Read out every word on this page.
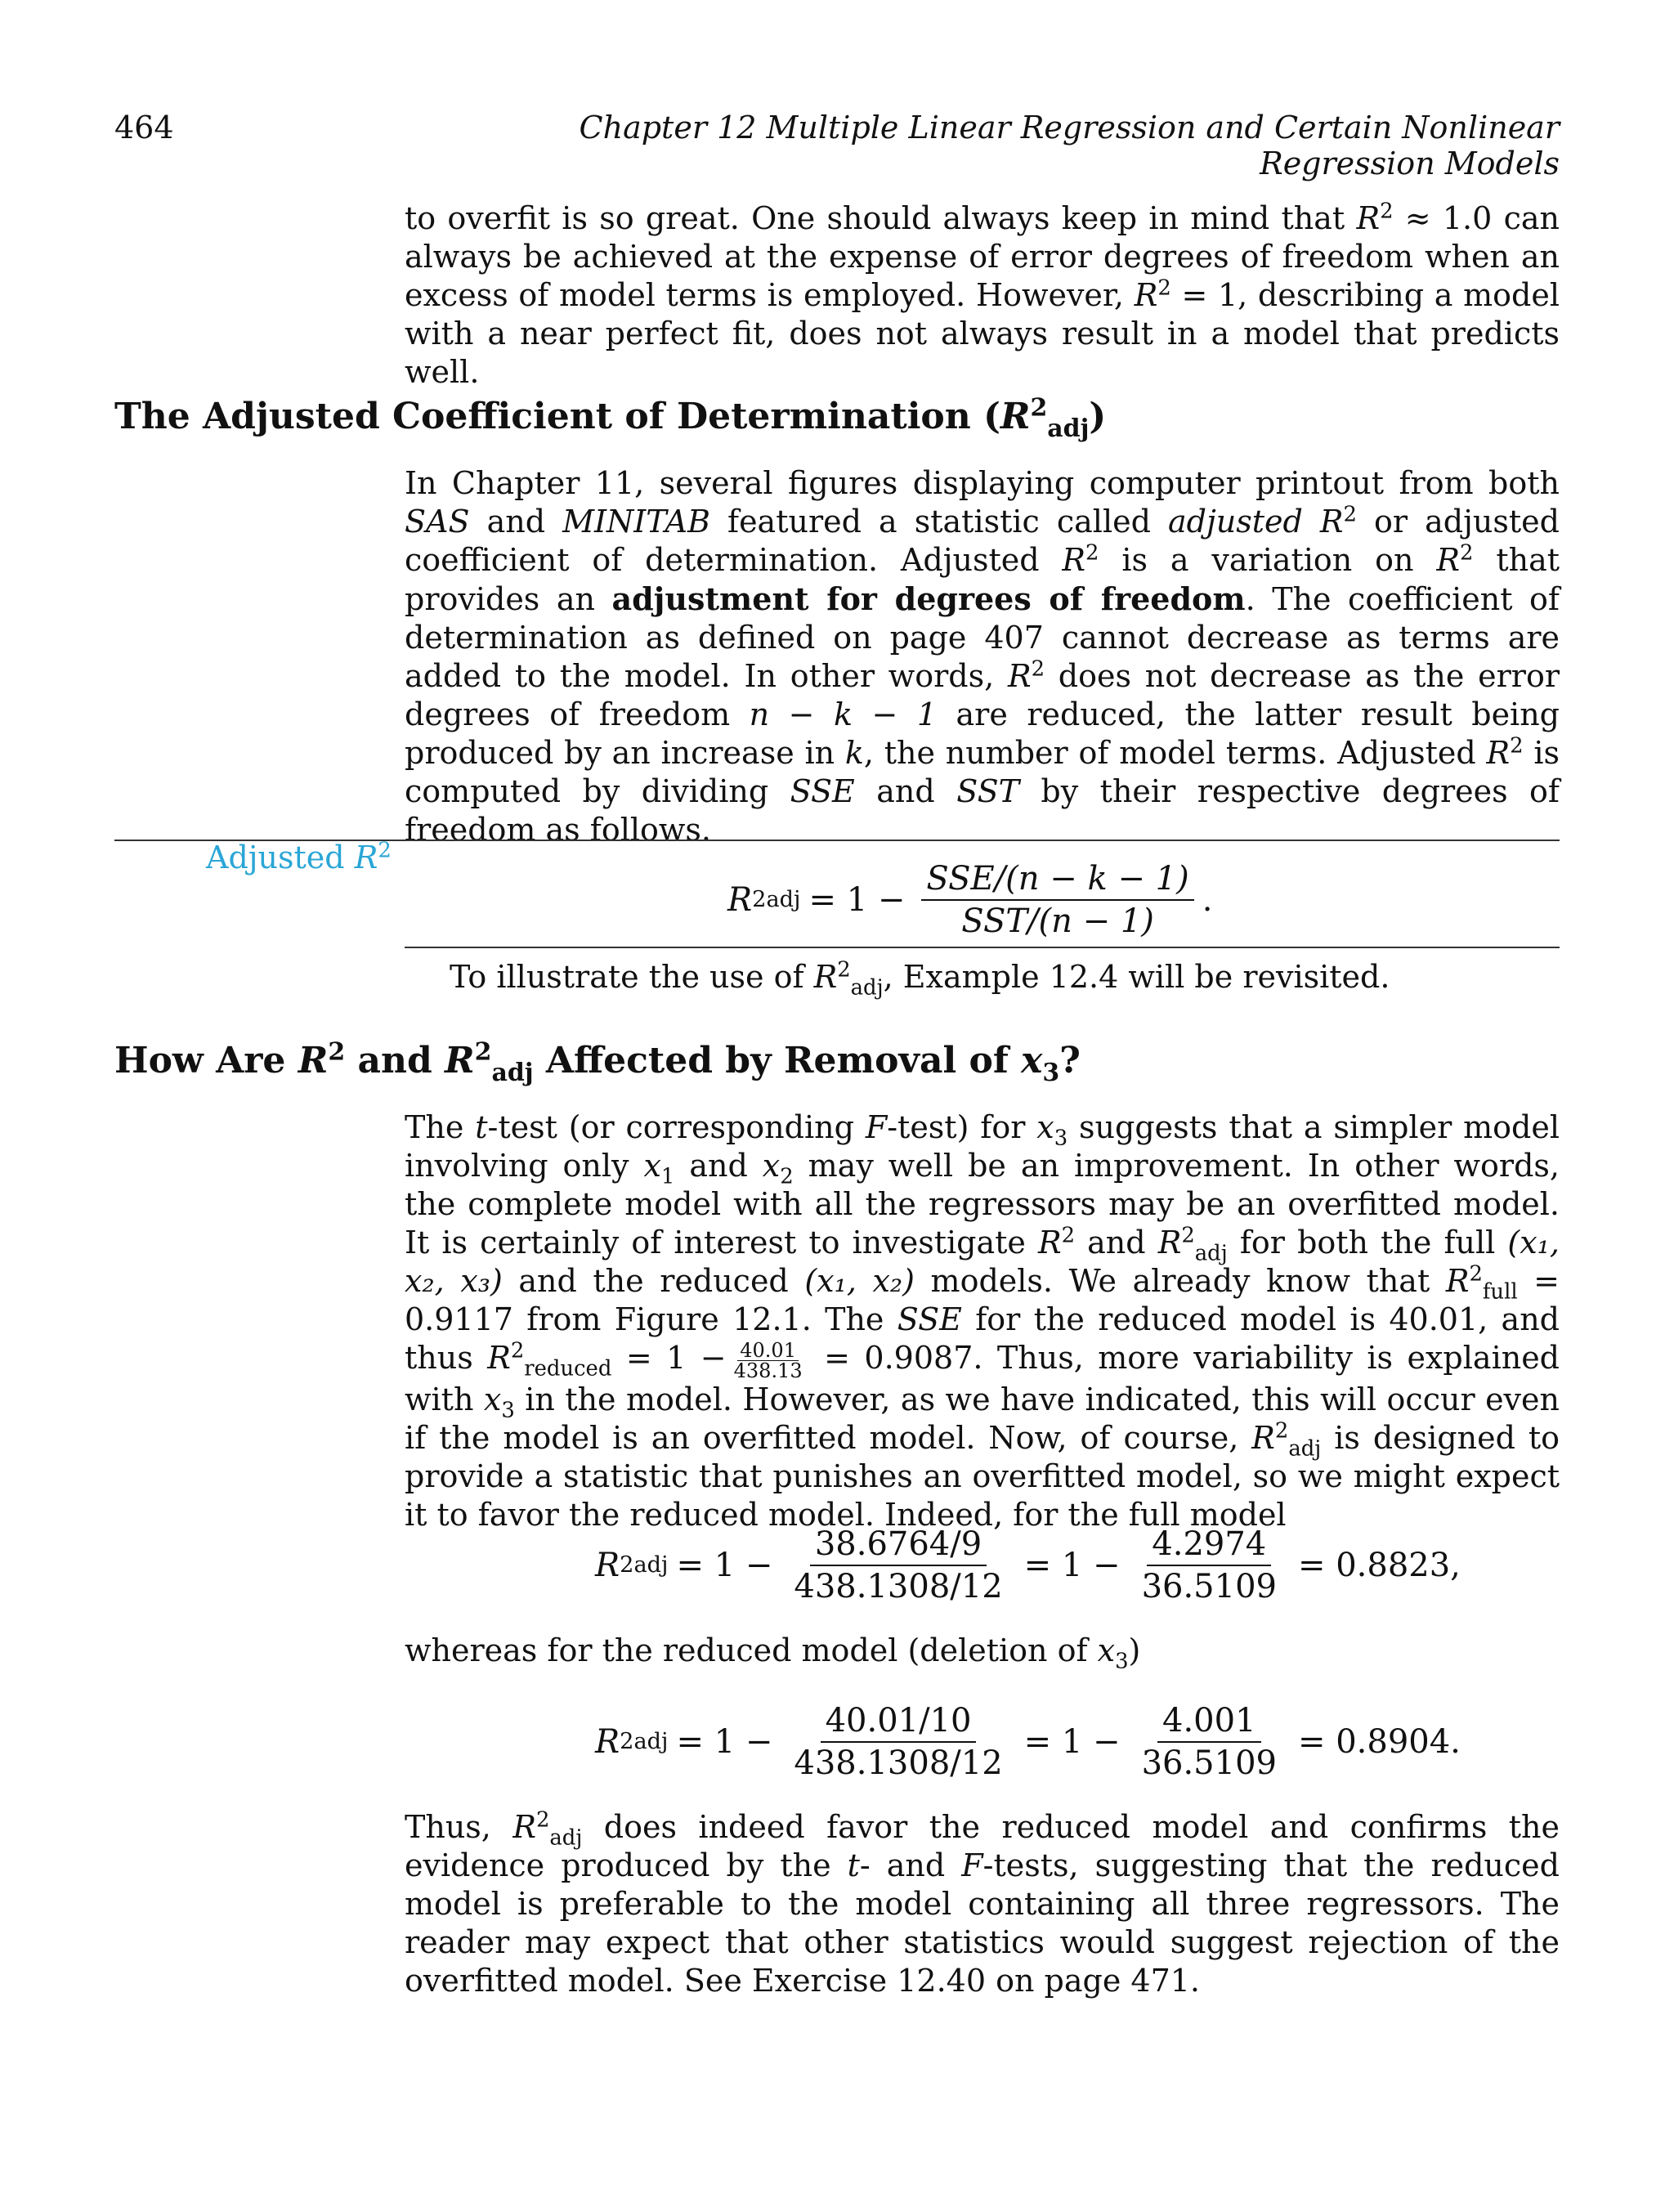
464	Chapter 12 Multiple Linear Regression and Certain Nonlinear Regression Models
to overfit is so great. One should always keep in mind that $R^2 \approx 1.0$ can always be achieved at the expense of error degrees of freedom when an excess of model terms is employed. However, $R^2 = 1$, describing a model with a near perfect fit, does not always result in a model that predicts well.
The Adjusted Coefficient of Determination $(R^2_{adj})$
In Chapter 11, several figures displaying computer printout from both SAS and MINITAB featured a statistic called adjusted $R^2$ or adjusted coefficient of determination. Adjusted $R^2$ is a variation on $R^2$ that provides an adjustment for degrees of freedom. The coefficient of determination as defined on page 407 cannot decrease as terms are added to the model. In other words, $R^2$ does not decrease as the error degrees of freedom n − k − 1 are reduced, the latter result being produced by an increase in k, the number of model terms. Adjusted $R^2$ is computed by dividing SSE and SST by their respective degrees of freedom as follows.
Adjusted $R^2$
R 2 adj = $1 - \frac{\text{SSE/(n − k − 1)}}{\text{SST/(n − 1)}}$ .
To illustrate the use of $R^2_{adj}$, Example 12.4 will be revisited.
How Are $R^2$ and $R^2_{adj}$ Affected by Removal of $x_3$?
The t-test (or corresponding F-test) for $x_3$ suggests that a simpler model involving only $x_1$ and $x_2$ may well be an improvement. In other words, the complete model with all the regressors may be an overfitted model. It is certainly of interest to investigate $R^2$ and $R^2_{adj}$ for both the full (x₁, x₂, x₃) and the reduced (x₁, x₂) models. We already know that $R^2_{full} = 0.9117$ from Figure 12.1. The SSE for the reduced model is 40.01, and thus $R^2_{reduced} = 1 - \frac{40.01}{438.13} = 0.9087$. Thus, more variability is explained with $x_3$ in the model. However, as we have indicated, this will occur even if the model is an overfitted model. Now, of course, $R^2_{adj}$ is designed to provide a statistic that punishes an overfitted model, so we might expect it to favor the reduced model. Indeed, for the full model
R 2 adj = $1 - \frac{38.6764/9}{438.1308/12} = 1 - \frac{4.2974}{36.5109} = 0.8823$,
whereas for the reduced model (deletion of $x_3$)
R 2 adj = $1 - \frac{40.01/10}{438.1308/12} = 1 - \frac{4.001}{36.5109} = 0.8904$.
Thus, $R^2_{adj}$ does indeed favor the reduced model and confirms the evidence produced by the t- and F-tests, suggesting that the reduced model is preferable to the model containing all three regressors. The reader may expect that other statistics would suggest rejection of the overfitted model. See Exercise 12.40 on page 471.
